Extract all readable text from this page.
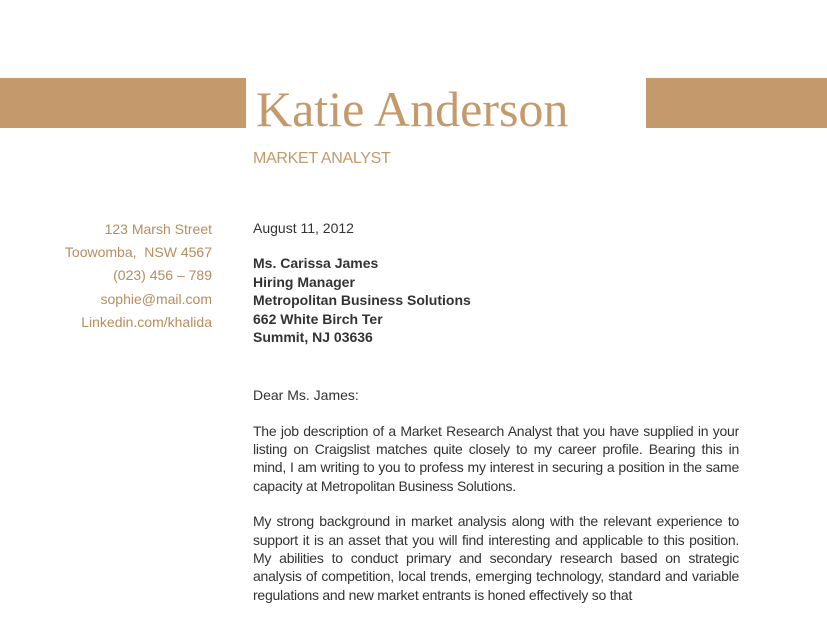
Katie Anderson
MARKET ANALYST
123 Marsh Street
Toowomba,  NSW 4567
(023) 456 – 789
sophie@mail.com
Linkedin.com/khalida
August 11, 2012
Ms. Carissa James
Hiring Manager
Metropolitan Business Solutions
662 White Birch Ter
Summit, NJ 03636
Dear Ms. James:

The job description of a Market Research Analyst that you have supplied in your listing on Craigslist matches quite closely to my career profile. Bearing this in mind, I am writing to you to profess my interest in securing a position in the same capacity at Metropolitan Business Solutions.

My strong background in market analysis along with the relevant experience to support it is an asset that you will find interesting and applicable to this position. My abilities to conduct primary and secondary research based on strategic analysis of competition, local trends, emerging technology, standard and variable regulations and new market entrants is honed effectively so that
